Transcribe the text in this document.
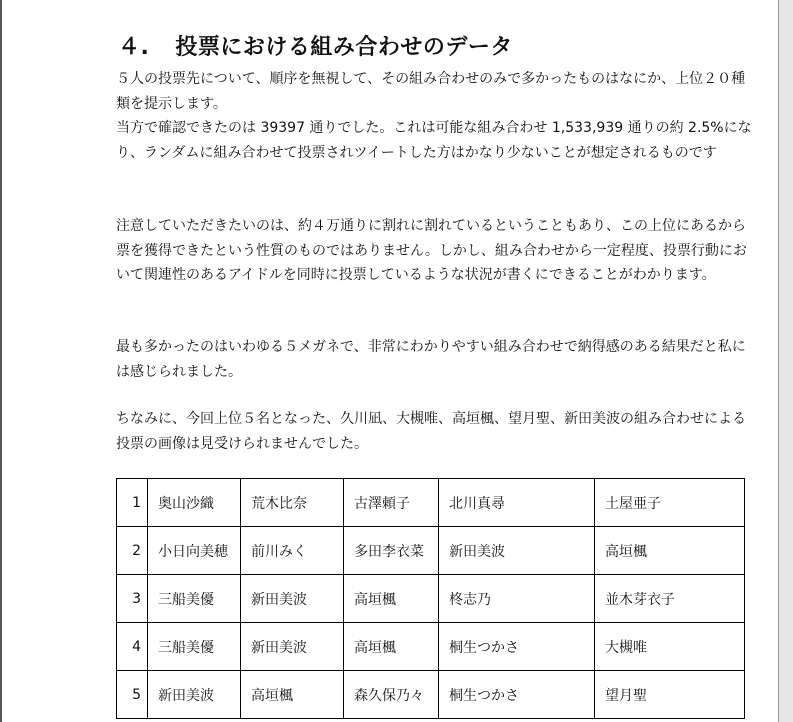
４. 投票における組み合わせのデータ

５人の投票先について、順序を無視して、その組み合わせのみで多かったものはなにか、上位２０種類を提示します。

当方で確認できたのは 39397 通りでした。これは可能な組み合わせ 1,533,939 通りの約 2.5%になり、ランダムに組み合わせて投票されツイートした方はかなり少ないことが想定されるものです

注意していただきたいのは、約４万通りに割れに割れているということもあり、この上位にあるから票を獲得できたという性質のものではありません。しかし、組み合わせから一定程度、投票行動において関連性のあるアイドルを同時に投票しているような状況が書くにできることがわかります。

最も多かったのはいわゆる５メガネで、非常にわかりやすい組み合わせで納得感のある結果だと私には感じられました。

ちなみに、今回上位５名となった、久川凪、大槻唯、高垣楓、望月聖、新田美波の組み合わせによる投票の画像は見受けられませんでした。

1	奥山沙織	荒木比奈	古澤頼子	北川真尋	土屋亜子
2	小日向美穂	前川みく	多田李衣菜	新田美波	高垣楓
3	三船美優	新田美波	高垣楓	柊志乃	並木芽衣子
4	三船美優	新田美波	高垣楓	桐生つかさ	大槻唯
5	新田美波	高垣楓	森久保乃々	桐生つかさ	望月聖
